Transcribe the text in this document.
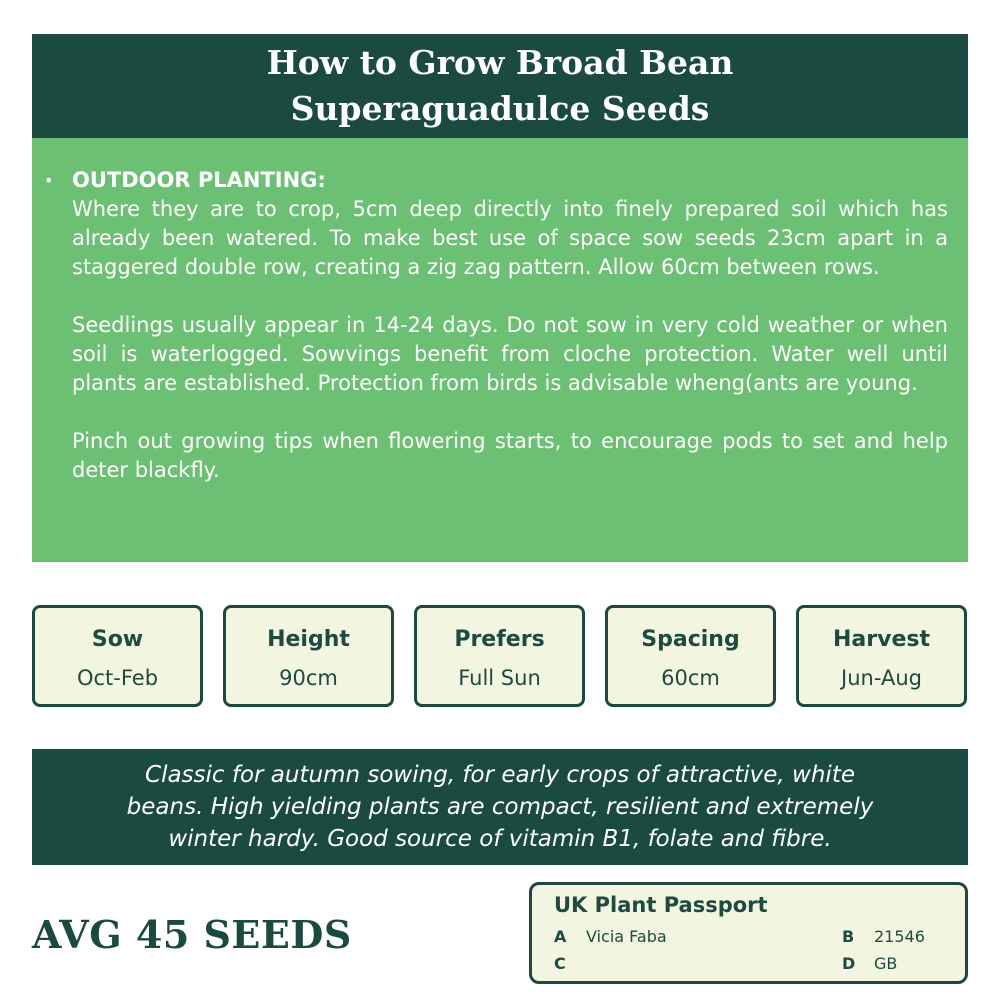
How to Grow Broad Bean
Superaguadulce Seeds
• OUTDOOR PLANTING:
Where they are to crop, 5cm deep directly into finely prepared soil which has already been watered. To make best use of space sow seeds 23cm apart in a staggered double row, creating a zig zag pattern. Allow 60cm between rows.
Seedlings usually appear in 14-24 days. Do not sow in very cold weather or when soil is waterlogged. Sowvings benefit from cloche protection. Water well until plants are established. Protection from birds is advisable wheng(ants are young.
Pinch out growing tips when flowering starts, to encourage pods to set and help deter blackfly.
Sow
Oct-Feb
Height
90cm
Prefers
Full Sun
Spacing
60cm
Harvest
Jun-Aug
Classic for autumn sowing, for early crops of attractive, white
beans. High yielding plants are compact, resilient and extremely
winter hardy. Good source of vitamin B1, folate and fibre.
AVG 45 SEEDS
UK Plant Passport
A Vicia Faba
C
B 21546
D GB
